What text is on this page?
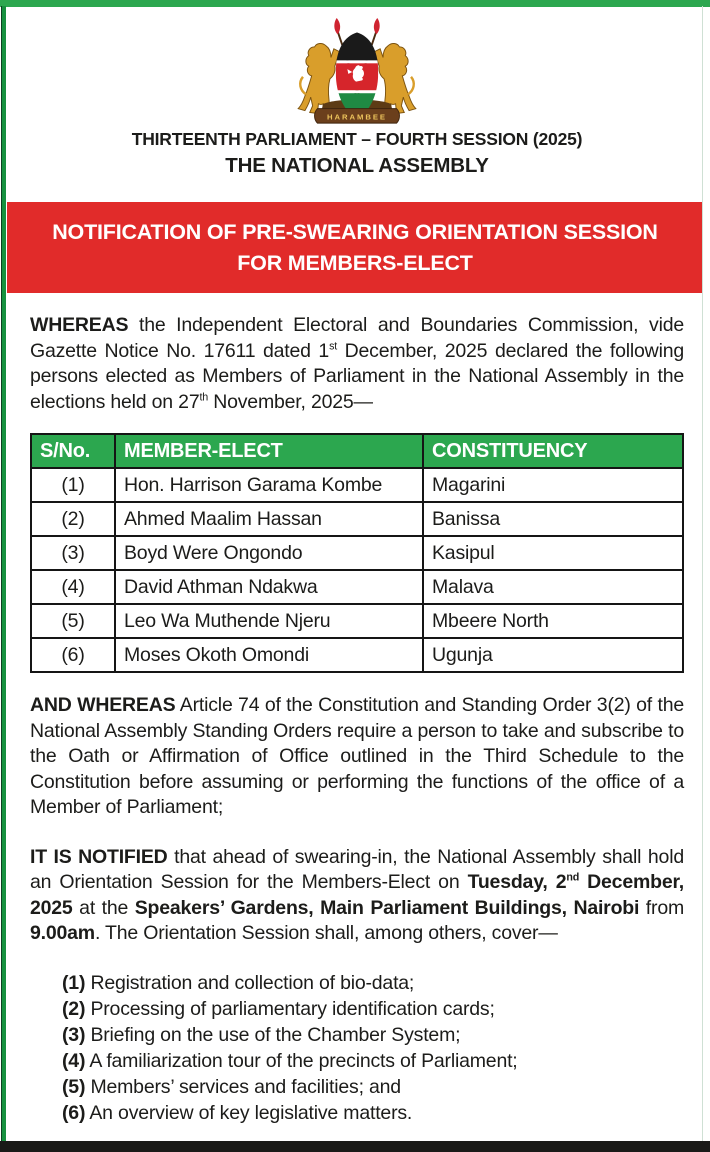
HARAMBEE
THIRTEENTH PARLIAMENT – FOURTH SESSION (2025)
THE NATIONAL ASSEMBLY
NOTIFICATION OF PRE-SWEARING ORIENTATION SESSION
FOR MEMBERS-ELECT

WHEREAS the Independent Electoral and Boundaries Commission, vide Gazette Notice No. 17611 dated 1st December, 2025 declared the following persons elected as Members of Parliament in the National Assembly in the elections held on 27th November, 2025—

S/No.	MEMBER-ELECT	CONSTITUENCY
(1)	Hon. Harrison Garama Kombe	Magarini
(2)	Ahmed Maalim Hassan	Banissa
(3)	Boyd Were Ongondo	Kasipul
(4)	David Athman Ndakwa	Malava
(5)	Leo Wa Muthende Njeru	Mbeere North
(6)	Moses Okoth Omondi	Ugunja

AND WHEREAS Article 74 of the Constitution and Standing Order 3(2) of the National Assembly Standing Orders require a person to take and subscribe to the Oath or Affirmation of Office outlined in the Third Schedule to the Constitution before assuming or performing the functions of the office of a Member of Parliament;

IT IS NOTIFIED that ahead of swearing-in, the National Assembly shall hold an Orientation Session for the Members-Elect on Tuesday, 2nd December, 2025 at the Speakers’ Gardens, Main Parliament Buildings, Nairobi from 9.00am. The Orientation Session shall, among others, cover—

(1) Registration and collection of bio-data;
(2) Processing of parliamentary identification cards;
(3) Briefing on the use of the Chamber System;
(4) A familiarization tour of the precincts of Parliament;
(5) Members’ services and facilities; and
(6) An overview of key legislative matters.
